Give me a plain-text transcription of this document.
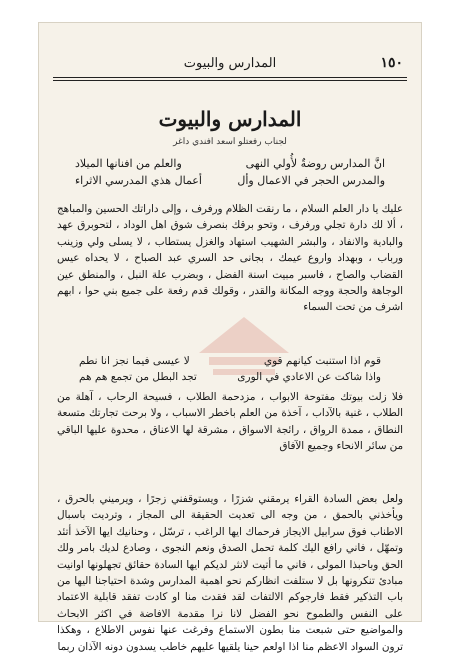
١٥٠
المدارس والبيوت
المدارس والبيوت
لجناب رفعتلو اسعد افندي داغر
انَّ المدارس روضةٌ لأُولي النهى
والعلم من افنانها الميلاد
والمدرس الحجر في الاعمال وأل
أعمال هذي المدرسي الاثراء
عليك يا دار العلم السلام ، ما رنقت الظلام ورفرف ، وإلى داراتك الحسين والمباهج ، ألا لك دارة تجلي ورفرف ، وتحو برقك بنصرف شوق اهل الوداد ، لتحوبرق عهد والبادية والانفاد ، والبشر الشهيب استهاد والغزل يستطاب ، لا يسلى ولي وزينب ورباب ، وبهداد واروع عيمك ، بجانى حد السري عبد الصباح ، لا يحداه عيس القضاب والصاح ، فاسبر مبيت اسنة الفضل ، وبضرب علة النبل ، والمنطق عين الوجاهة والحجة ووجه المكانة والقدر ، وقولك قدم رفعة على جميع بني حوا ، ابهم اشرف من تحت السماء
قوم اذا استنبت كيانهم قوي
لا عيسى فيما نجز انا نطم
واذا شاكت عن الاعادي في الورى
تجد البطل من تجمع هم هم
فلا زلت بيوتك مفتوحة الابواب ، مزدحمة الطلاب ، فسيحة الرحاب ، آهلة من الطلاب ، غنية بالآداب ، آخذة من العلم باخطر الاسباب ، ولا برحت تجارتك متسعة النطاق ، ممدة الرواق ، رائجة الاسواق ، مشرقة لها الاعناق ، محدوة عليها الباقي من سائر الانحاء وجميع الآفاق
ولعل بعض السادة القراء يرمقني شزرًا ، ويستوقفني زجرًا ، ويرميني بالحرق ، ويأخذني بالحمق ، من وجه الى تعديت الحقيقة الى المجاز ، وترديت باسبال الاطناب فوق سرابيل الايجاز فرحماك ايها الراغب ، ترسّل ، وحنانيك ايها الآخذ أتئد وتمهّل ، فاني رافع اليك كلمة تحمل الصدق ونعم النجوى ، وصادع لديك بامر ولك الحق وباحبذا المولى ، فاني ما أتيت لانثر لديكم ايها السادة حقائق تجهلونها اوانيت مبادئ تنكرونها بل لا ستلفت انظاركم نحو اهمية المدارس وشدة احتياجنا اليها من باب التذكير فقط فارجوكم الالتفات لقد فقدت منا او كادت تفقد قابلية الاعتماد على النفس والطموح نحو الفضل لانا نرا مقدمة الافاضة في اكثر الابحاث والمواضيع حتى شبعت منا بطون الاستماع وفرغت عنها نفوس الاطلاع ، وهكذا ترون السواد الاعظم منا اذا اولعم حينا يلقيها عليهم خاطب يسدون دونه الآذان ربما
